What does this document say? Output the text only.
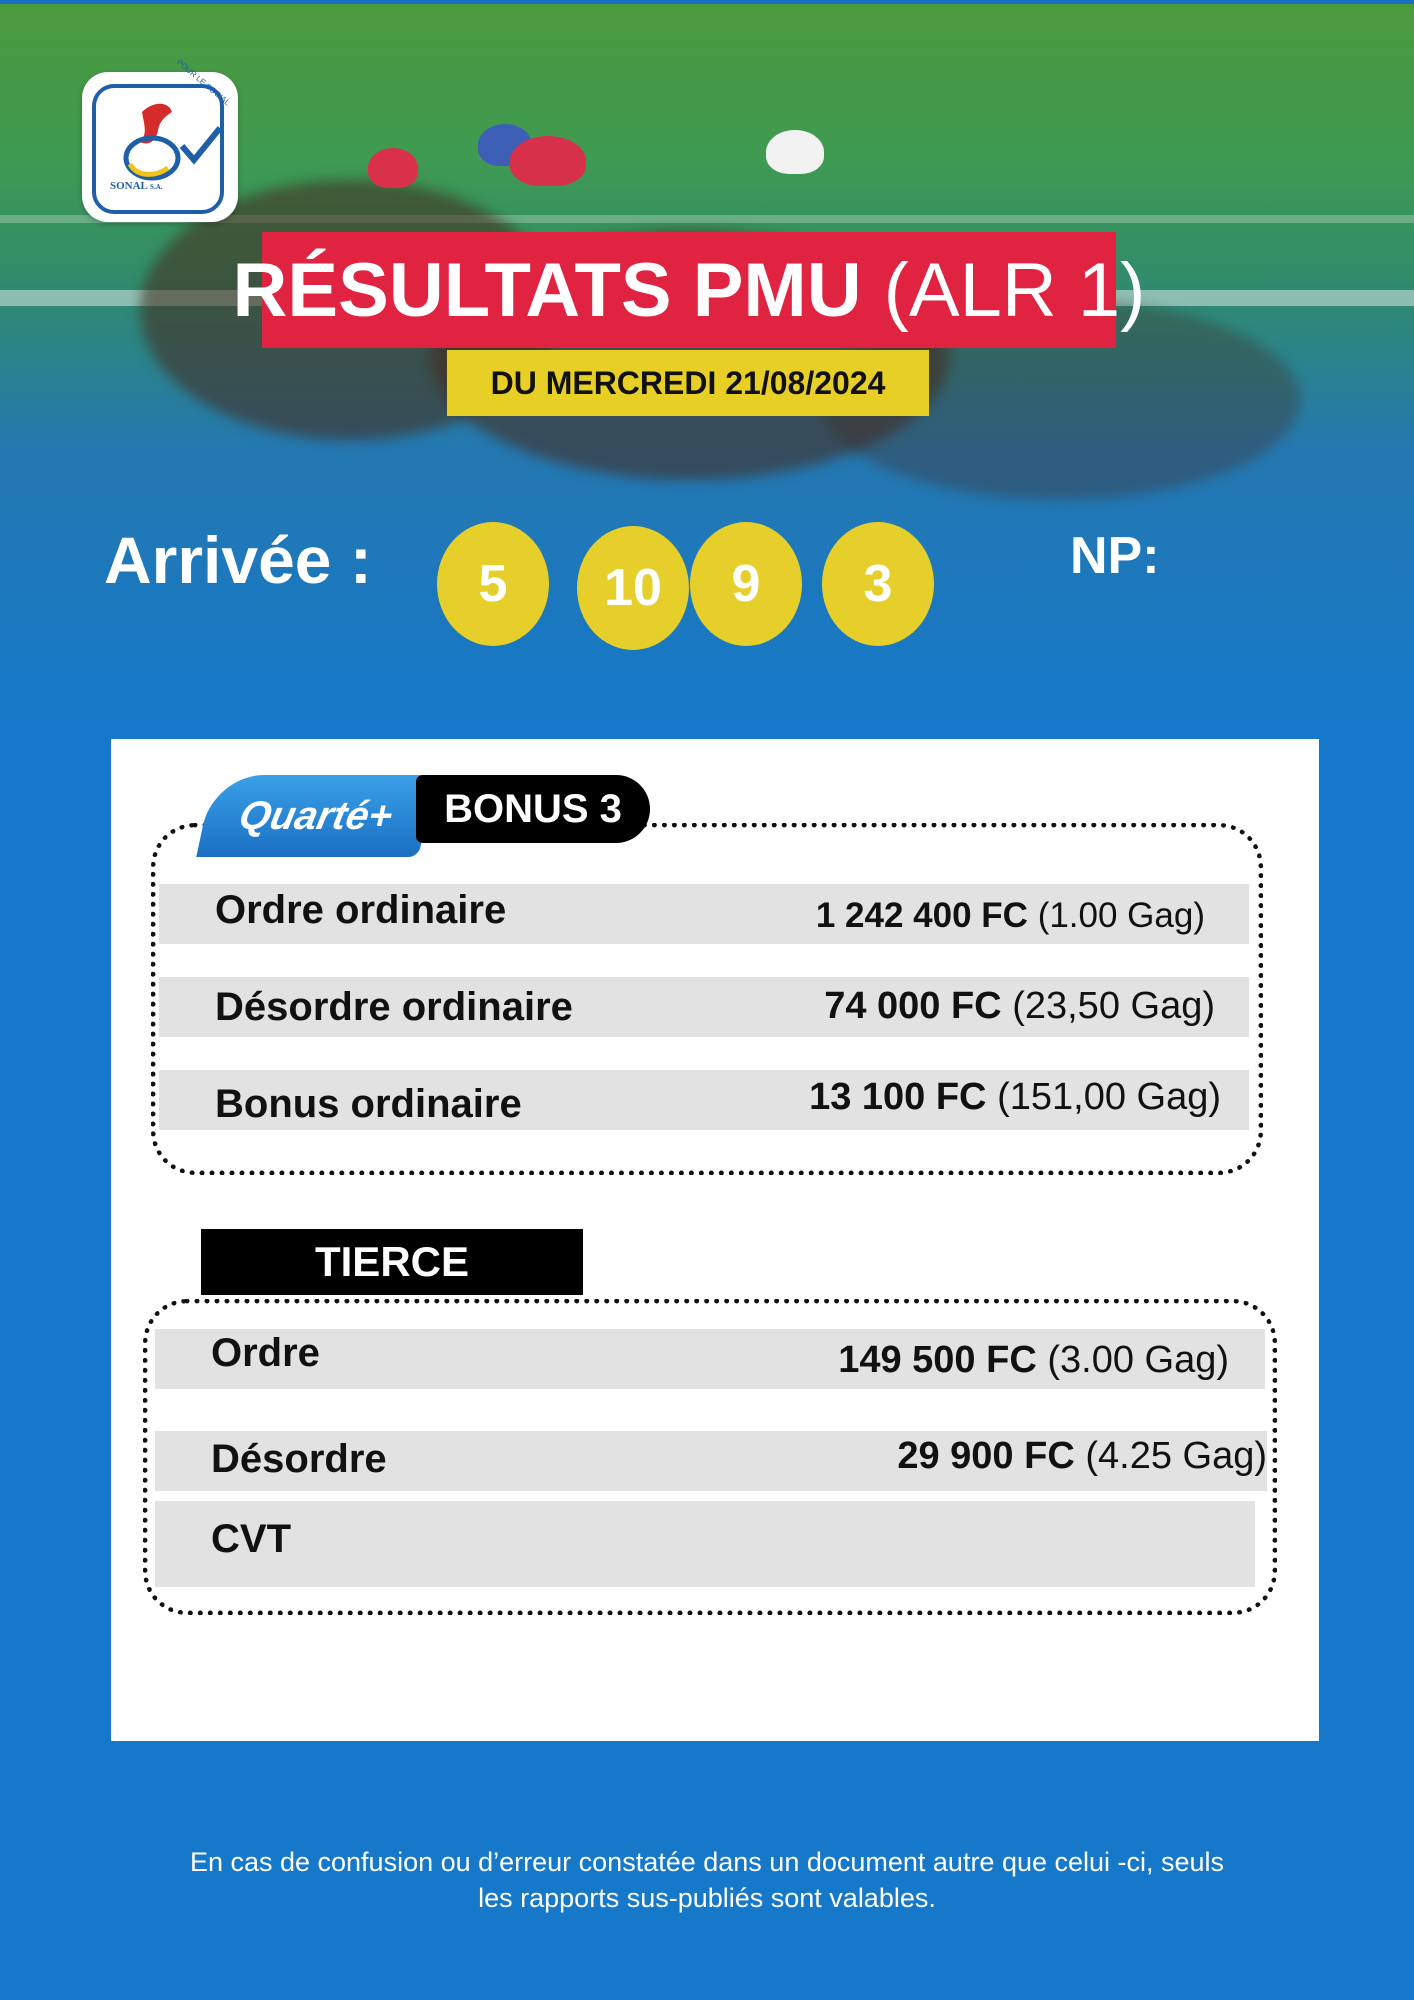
POUR LE SOCIAL
SONAL S.A.
RÉSULTATS PMU (ALR 1)
DU MERCREDI 21/08/2024
Arrivée :	5	10	9	3	NP:
Quarté+	BONUS 3
Ordre ordinaire	1 242 400 FC (1.00 Gag)
Désordre ordinaire	74 000 FC (23,50 Gag)
Bonus ordinaire	13 100 FC (151,00 Gag)
TIERCE
Ordre	149 500 FC (3.00 Gag)
Désordre	29 900 FC (4.25 Gag)
CVT
En cas de confusion ou d’erreur constatée dans un document autre que celui -ci, seuls
les rapports sus-publiés sont valables.
